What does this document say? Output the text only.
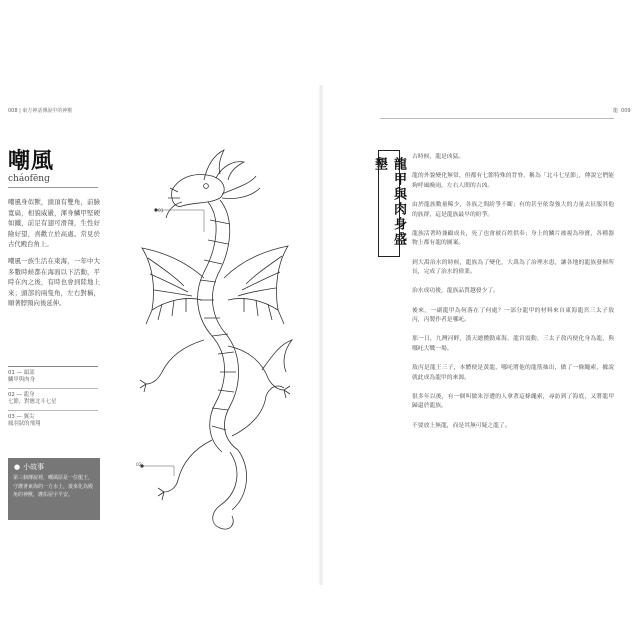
008 | 東方神話傳說中的神獸
嘲風
cháofēng

嘲風身似獸，頭頂有雙角，前臉寬扁，相貌威嚴，渾身鱗甲堅硬如鐵，前足有翅可滑翔，生性好險好望，喜歡立於高處。常見於古代殿台角上。

嘲風一族生活在東海，一年中大多數時候都在海面以下活動，平時在內之後，有時也會到陸地上來；頭部的兩隻角，左右對稱，順著脖頸向後延伸。

01 — 頭部
鱗甲與肉身
02 — 龍身
七節，對應北斗七星
03 — 翼尖
鳳羽狀的飛翔
● 小故事
第三個傳說裡，嘲風原是一位龍王，守護著東海的一方水土，後來化為殿角的神獸，護佑屋宇平安。
01
02
龍 009
龍甲與肉身盛墾	古時候，龍是凶猛。

龍的外貌變化無常，但都有七節特殊的背脊，稱為「北斗七星節」，傳說它們能夠呼風喚雨，左右人間的吉凶。

由於龍族數量稀少，各族之間紛爭不斷；有的甚至依靠強大的力量去征服其他的族群，這是龍族最早的紛爭。

龍族活著時兼顧成長，死了也會被百姓供奉；身上的鱗片被視為珍寶，各種器物上都有龍的圖案。

到大禹治水的時候，龍族為了變化，大禹為了治理水患，讓各地的龍族發揮所長，完成了治水的偉業。

治水成功後，龍族品質越發少了。

後來，一副龍甲為何落在了何處？一部分龍甲的材料來自東海龍宮三太子敖丙，丙製作者是哪吒。

那一日，九灣河畔，漢天總攬動東海，龍宮震動，三太子敖丙便化身為龍，與哪吒大戰一場。

敖丙是龍王三子，本體便是黃龍，哪吒將他的龍筋抽出，做了一條繩索，據說就此成為龍甲的來源。

很多年以後，有一個叫做朱淳遭的人拿著這條繩索，尋訪到了海底，又將龍甲歸還於龍族。

不要放上無龍，而是其無可疑之龍了。
